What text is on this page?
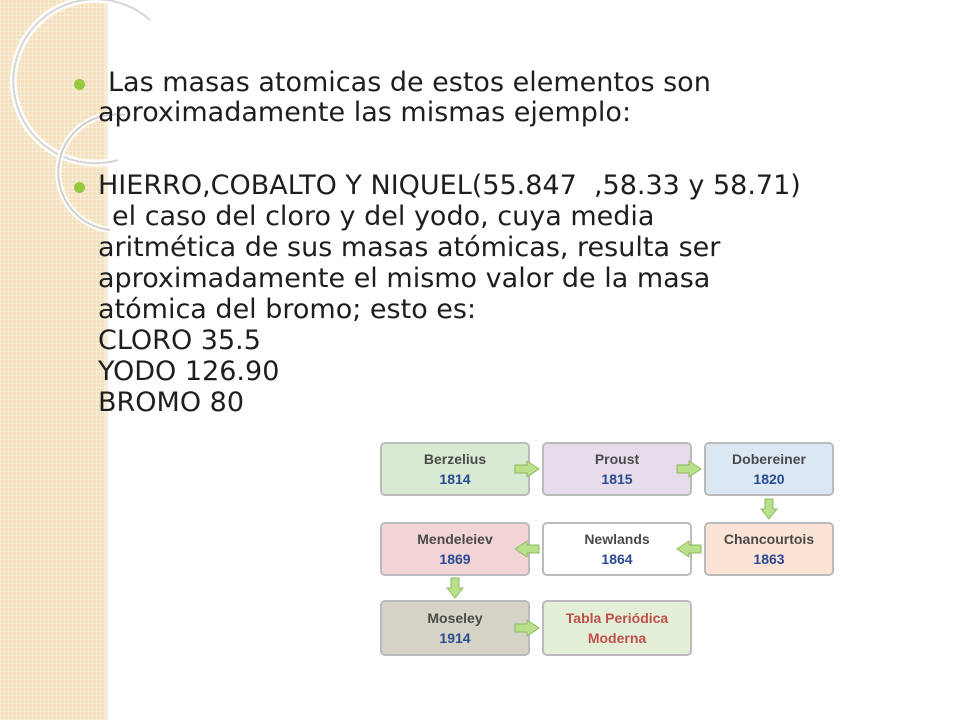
Las masas atomicas de estos elementos son
aproximadamente las mismas ejemplo:
HIERRO,COBALTO Y NIQUEL(55.847  ,58.33 y 58.71)
el caso del cloro y del yodo, cuya media
aritmética de sus masas atómicas, resulta ser
aproximadamente el mismo valor de la masa
atómica del bromo; esto es:
CLORO 35.5
YODO 126.90
BROMO 80
Berzelius
1814
Proust
1815
Dobereiner
1820
Mendeleiev
1869
Newlands
1864
Chancourtois
1863
Moseley
1914
Tabla Periódica
Moderna
